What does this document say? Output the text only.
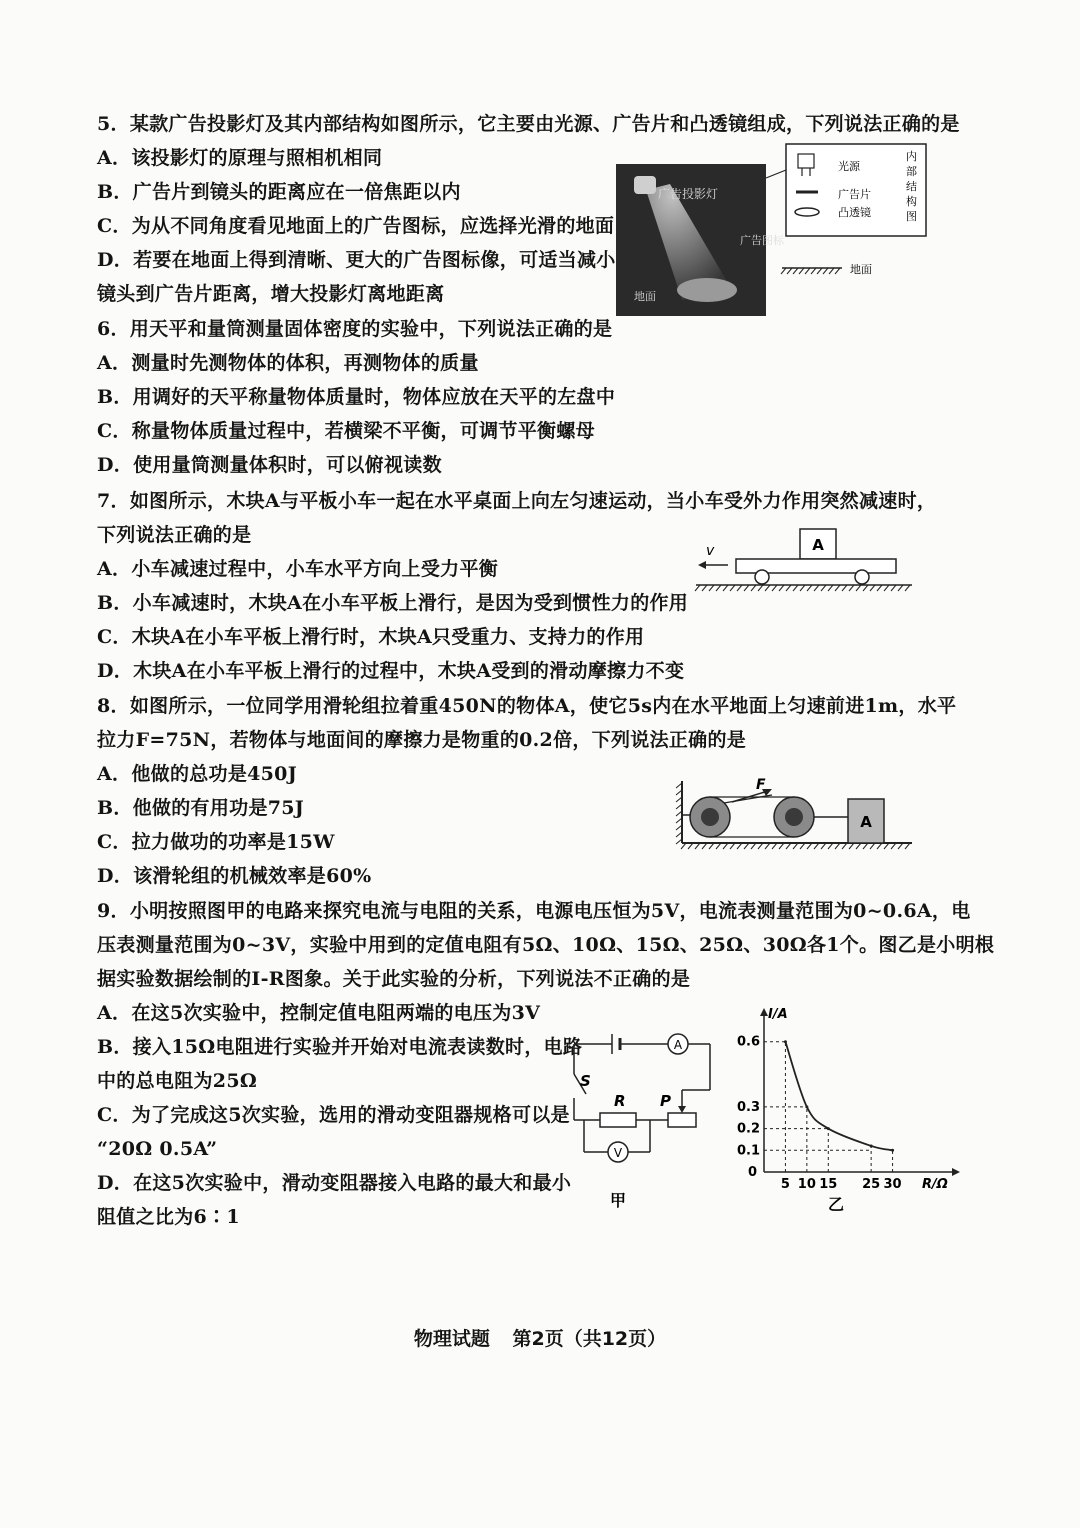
5．某款广告投影灯及其内部结构如图所示，它主要由光源、广告片和凸透镜组成，下列说法正确的是
A．该投影灯的原理与照相机相同
B．广告片到镜头的距离应在一倍焦距以内
C．为从不同角度看见地面上的广告图标，应选择光滑的地面
D．若要在地面上得到清晰、更大的广告图标像，可适当减小
镜头到广告片距离，增大投影灯离地距离
6．用天平和量筒测量固体密度的实验中，下列说法正确的是
A．测量时先测物体的体积，再测物体的质量
B．用调好的天平称量物体质量时，物体应放在天平的左盘中
C．称量物体质量过程中，若横梁不平衡，可调节平衡螺母
D．使用量筒测量体积时，可以俯视读数
7．如图所示，木块A与平板小车一起在水平桌面上向左匀速运动，当小车受外力作用突然减速时，
下列说法正确的是
A．小车减速过程中，小车水平方向上受力平衡
B．小车减速时，木块A在小车平板上滑行，是因为受到惯性力的作用
C．木块A在小车平板上滑行时，木块A只受重力、支持力的作用
D．木块A在小车平板上滑行的过程中，木块A受到的滑动摩擦力不变
8．如图所示，一位同学用滑轮组拉着重450N的物体A，使它5s内在水平地面上匀速前进1m，水平
拉力F=75N，若物体与地面间的摩擦力是物重的0.2倍，下列说法正确的是
A．他做的总功是450J
B．他做的有用功是75J
C．拉力做功的功率是15W
D．该滑轮组的机械效率是60%
9．小明按照图甲的电路来探究电流与电阻的关系，电源电压恒为5V，电流表测量范围为0~0.6A，电
压表测量范围为0~3V，实验中用到的定值电阻有5Ω、10Ω、15Ω、25Ω、30Ω各1个。图乙是小明根
据实验数据绘制的I-R图象。关于此实验的分析，下列说法不正确的是
A．在这5次实验中，控制定值电阻两端的电压为3V
B．接入15Ω电阻进行实验并开始对电流表读数时，电路
中的总电阻为25Ω
C．为了完成这5次实验，选用的滑动变阻器规格可以是
“20Ω 0.5A”
D．在这5次实验中，滑动变阻器接入电路的最大和最小
阻值之比为6∶1
广告投影灯
广告图标
地面
光源
广告片
凸透镜
内部结构图
地面
A
v
F
A
A
S
R P
V
甲
5 10 15 25 30
0.1
0.2
0.3
0.6
R/Ω
I/A
0
乙
物理试题 第2页（共12页）
